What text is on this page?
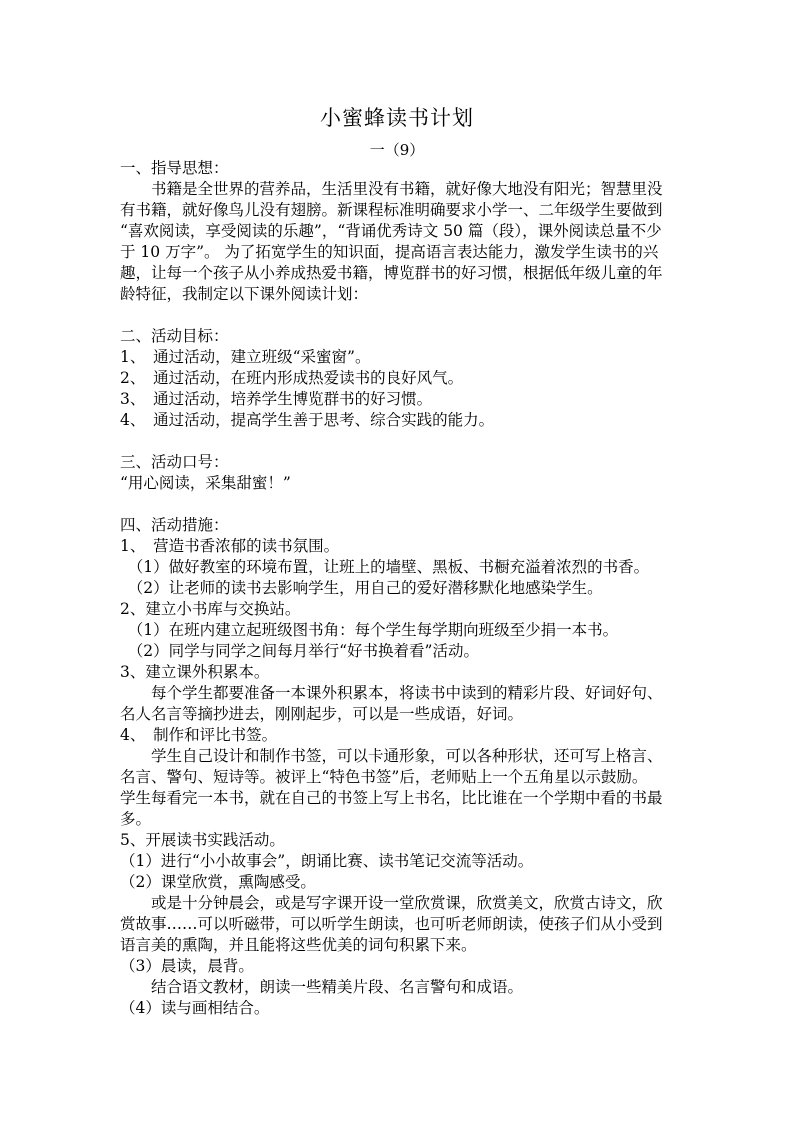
小蜜蜂读书计划
一（9）
一、指导思想：
　　书籍是全世界的营养品，生活里没有书籍，就好像大地没有阳光；智慧里没
有书籍，就好像鸟儿没有翅膀。新课程标准明确要求小学一、二年级学生要做到
“喜欢阅读，享受阅读的乐趣”，“背诵优秀诗文 50 篇（段），课外阅读总量不少
于 10 万字”。 为了拓宽学生的知识面，提高语言表达能力，激发学生读书的兴
趣，让每一个孩子从小养成热爱书籍，博览群书的好习惯，根据低年级儿童的年
龄特征，我制定以下课外阅读计划：
二、活动目标：
1、　通过活动，建立班级“采蜜窗”。
2、　通过活动，在班内形成热爱读书的良好风气。
3、　通过活动，培养学生博览群书的好习惯。
4、　通过活动，提高学生善于思考、综合实践的能力。
三、活动口号：
“用心阅读，采集甜蜜！”
四、活动措施：
1、　营造书香浓郁的读书氛围。
　（1）做好教室的环境布置，让班上的墙壁、黑板、书橱充溢着浓烈的书香。
　（2）让老师的读书去影响学生，用自己的爱好潜移默化地感染学生。
2、建立小书库与交换站。
　（1）在班内建立起班级图书角：每个学生每学期向班级至少捐一本书。
　（2）同学与同学之间每月举行“好书换着看”活动。
3、建立课外积累本。
　　每个学生都要准备一本课外积累本，将读书中读到的精彩片段、好词好句、
名人名言等摘抄进去，刚刚起步，可以是一些成语，好词。
4、　制作和评比书签。
　　学生自己设计和制作书签，可以卡通形象，可以各种形状，还可写上格言、
名言、警句、短诗等。被评上“特色书签”后，老师贴上一个五角星以示鼓励。
学生每看完一本书，就在自己的书签上写上书名，比比谁在一个学期中看的书最
多。
5、开展读书实践活动。
（1）进行“小小故事会”，朗诵比赛、读书笔记交流等活动。
（2）课堂欣赏，熏陶感受。
　　或是十分钟晨会，或是写字课开设一堂欣赏课，欣赏美文，欣赏古诗文，欣
赏故事……可以听磁带，可以听学生朗读，也可听老师朗读，使孩子们从小受到
语言美的熏陶，并且能将这些优美的词句积累下来。
（3）晨读，晨背。
　　结合语文教材，朗读一些精美片段、名言警句和成语。
（4）读与画相结合。
